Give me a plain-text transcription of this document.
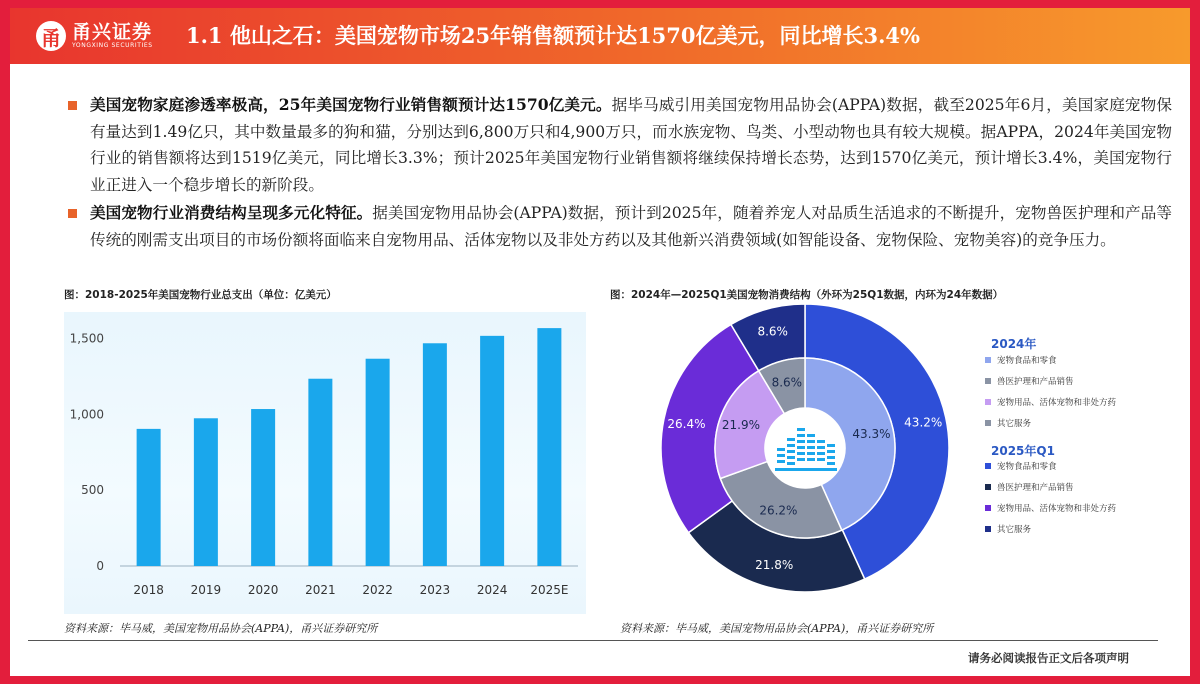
甬 甬兴证券
YONGXING SECURITIES 1.1 他山之石：美国宠物市场25年销售额预计达1570亿美元，同比增长3.4%
美国宠物家庭渗透率极高，25年美国宠物行业销售额预计达1570亿美元。据毕马威引用美国宠物用品协会(APPA)数据，截至2025年6月，美国家庭宠物保有量达到1.49亿只，其中数量最多的狗和猫，分别达到6,800万只和4,900万只，而水族宠物、鸟类、小型动物也具有较大规模。据APPA，2024年美国宠物行业的销售额将达到1519亿美元，同比增长3.3%；预计2025年美国宠物行业销售额将继续保持增长态势，达到1570亿美元，预计增长3.4%，美国宠物行业正进入一个稳步增长的新阶段。
美国宠物行业消费结构呈现多元化特征。据美国宠物用品协会(APPA)数据，预计到2025年，随着养宠人对品质生活追求的不断提升，宠物兽医护理和产品等传统的刚需支出项目的市场份额将面临来自宠物用品、活体宠物以及非处方药以及其他新兴消费领域(如智能设备、宠物保险、宠物美容)的竞争压力。
图：2018-2025年美国宠物行业总支出（单位：亿美元）
0
500
1,000
1,500
2018 2019 2020 2021 2022 2023 2024 2025E
资料来源：毕马威，美国宠物用品协会(APPA)，甬兴证券研究所
图：2024年—2025Q1美国宠物消费结构（外环为25Q1数据，内环为24年数据）
43.2%
21.8%
26.4%
8.6%
43.3%
26.2%
21.9%
8.6%
2024年
宠物食品和零食
兽医护理和产品销售
宠物用品、活体宠物和非处方药
其它服务
2025年Q1
宠物食品和零食
兽医护理和产品销售
宠物用品、活体宠物和非处方药
其它服务
资料来源：毕马威，美国宠物用品协会(APPA)，甬兴证券研究所
请务必阅读报告正文后各项声明
